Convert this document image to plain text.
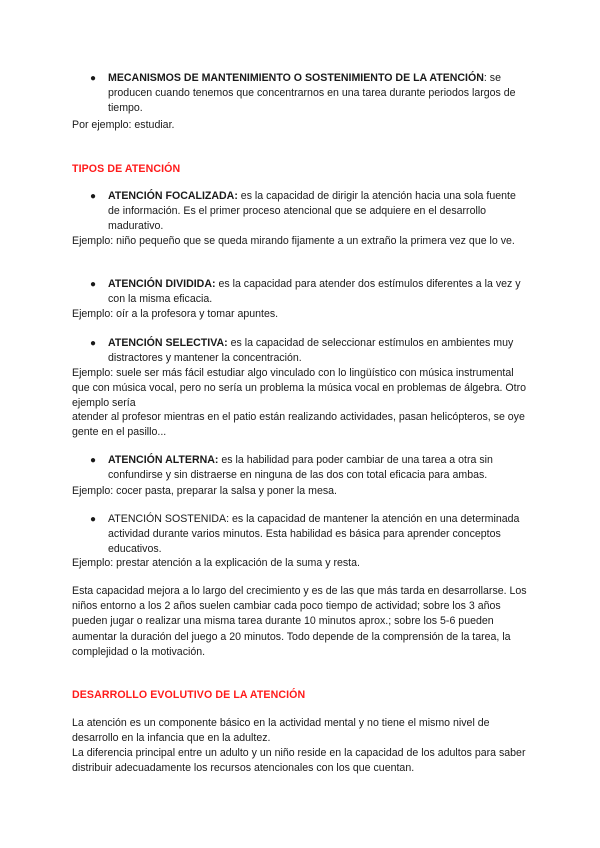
● MECANISMOS DE MANTENIMIENTO O SOSTENIMIENTO DE LA ATENCIÓN: se producen cuando tenemos que concentrarnos en una tarea durante periodos largos de tiempo.

Por ejemplo: estudiar.

TIPOS DE ATENCIÓN

● ATENCIÓN FOCALIZADA: es la capacidad de dirigir la atención hacia una sola fuente de información. Es el primer proceso atencional que se adquiere en el desarrollo madurativo.

Ejemplo: niño pequeño que se queda mirando fijamente a un extraño la primera vez que lo ve.

● ATENCIÓN DIVIDIDA: es la capacidad para atender dos estímulos diferentes a la vez y con la misma eficacia.

Ejemplo: oír a la profesora y tomar apuntes.

● ATENCIÓN SELECTIVA: es la capacidad de seleccionar estímulos en ambientes muy distractores y mantener la concentración.

Ejemplo: suele ser más fácil estudiar algo vinculado con lo lingüístico con música instrumental que con música vocal, pero no sería un problema la música vocal en problemas de álgebra. Otro ejemplo sería

atender al profesor mientras en el patio están realizando actividades, pasan helicópteros, se oye gente en el pasillo...

● ATENCIÓN ALTERNA: es la habilidad para poder cambiar de una tarea a otra sin confundirse y sin distraerse en ninguna de las dos con total eficacia para ambas.

Ejemplo: cocer pasta, preparar la salsa y poner la mesa.

● ATENCIÓN SOSTENIDA: es la capacidad de mantener la atención en una determinada actividad durante varios minutos. Esta habilidad es básica para aprender conceptos educativos.

Ejemplo: prestar atención a la explicación de la suma y resta.

Esta capacidad mejora a lo largo del crecimiento y es de las que más tarda en desarrollarse. Los niños entorno a los 2 años suelen cambiar cada poco tiempo de actividad; sobre los 3 años pueden jugar o realizar una misma tarea durante 10 minutos aprox.; sobre los 5-6 pueden aumentar la duración del juego a 20 minutos. Todo depende de la comprensión de la tarea, la complejidad o la motivación.

DESARROLLO EVOLUTIVO DE LA ATENCIÓN

La atención es un componente básico en la actividad mental y no tiene el mismo nivel de desarrollo en la infancia que en la adultez.

La diferencia principal entre un adulto y un niño reside en la capacidad de los adultos para saber distribuir adecuadamente los recursos atencionales con los que cuentan.
